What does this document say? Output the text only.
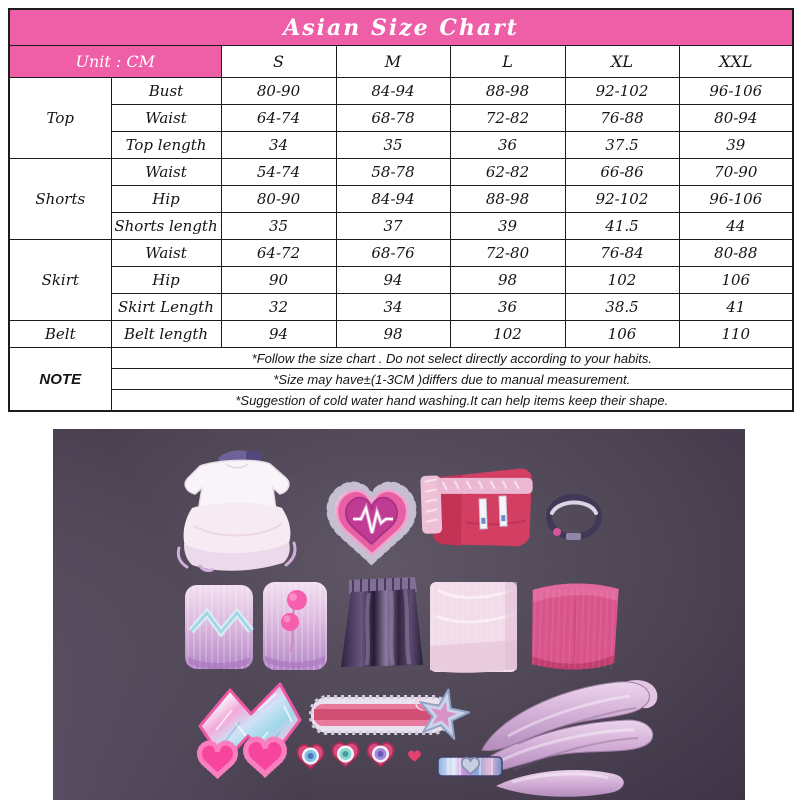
Asian Size Chart						
Unit : CM		S	M	L	XL	XXL
Top	Bust	80-90	84-94	88-98	92-102	96-106
	Waist	64-74	68-78	72-82	76-88	80-94
	Top length	34	35	36	37.5	39
Shorts	Waist	54-74	58-78	62-82	66-86	70-90
	Hip	80-90	84-94	88-98	92-102	96-106
	Shorts length	35	37	39	41.5	44
Skirt	Waist	64-72	68-76	72-80	76-84	80-88
	Hip	90	94	98	102	106
	Skirt Length	32	34	36	38.5	41
Belt	Belt length	94	98	102	106	110
NOTE	*Follow the size chart . Do not select directly according to your habits.					
	*Size may have±(1-3CM )differs due to manual measurement.					
	*Suggestion of cold water hand washing.It can help items keep their shape.					
